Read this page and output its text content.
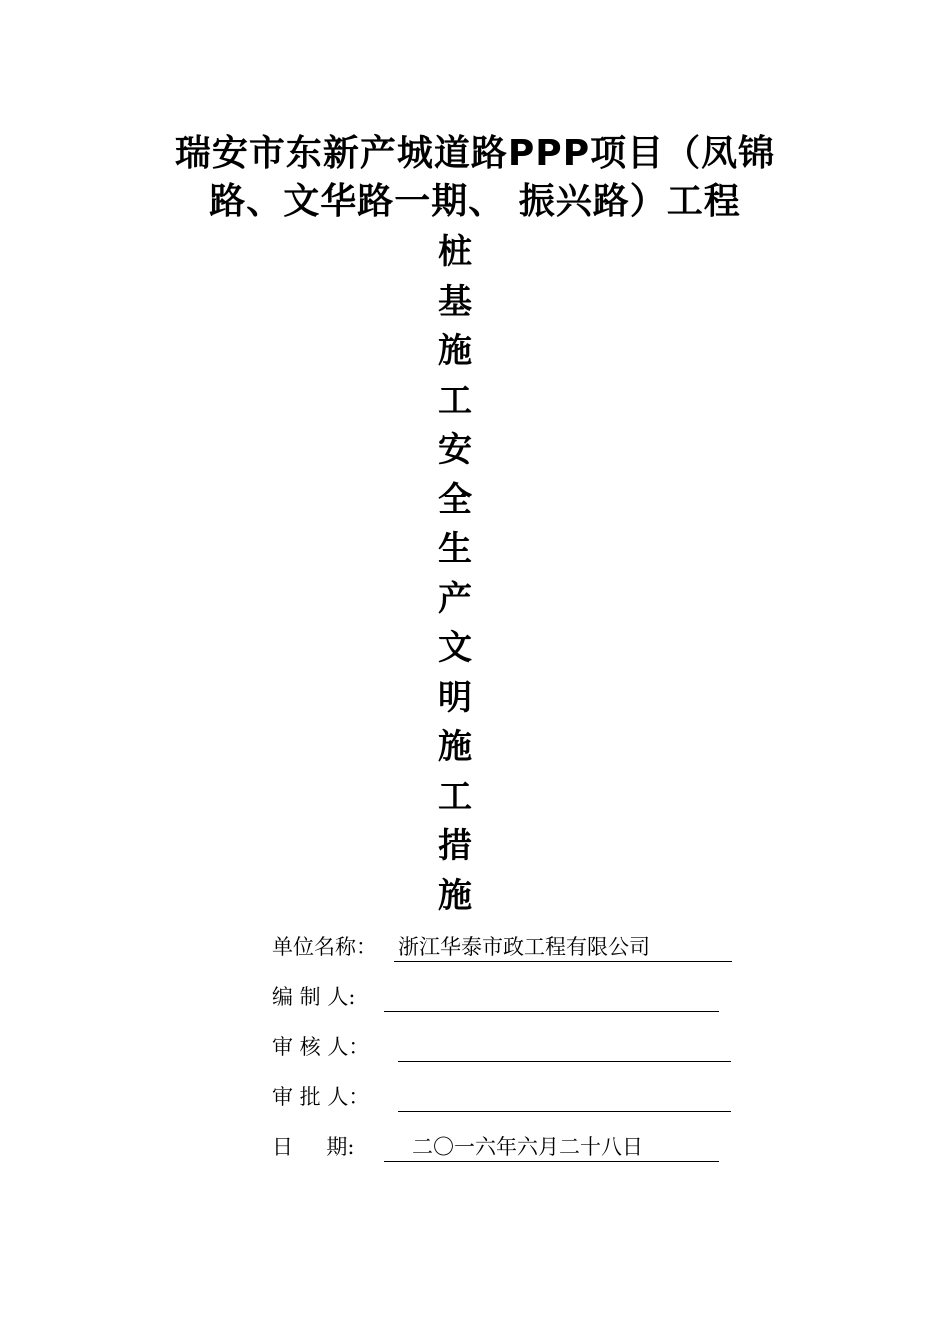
瑞安市东新产城道路PPP项目（凤锦
路、文华路一期、 振兴路）工程
桩
基
施
工
安
全
生
产
文
明
施
工
措
施
单位名称： 浙江华泰市政工程有限公司
编 制 人:
审 核 人：
审 批 人：
日     期:	二〇一六年六月二十八日
